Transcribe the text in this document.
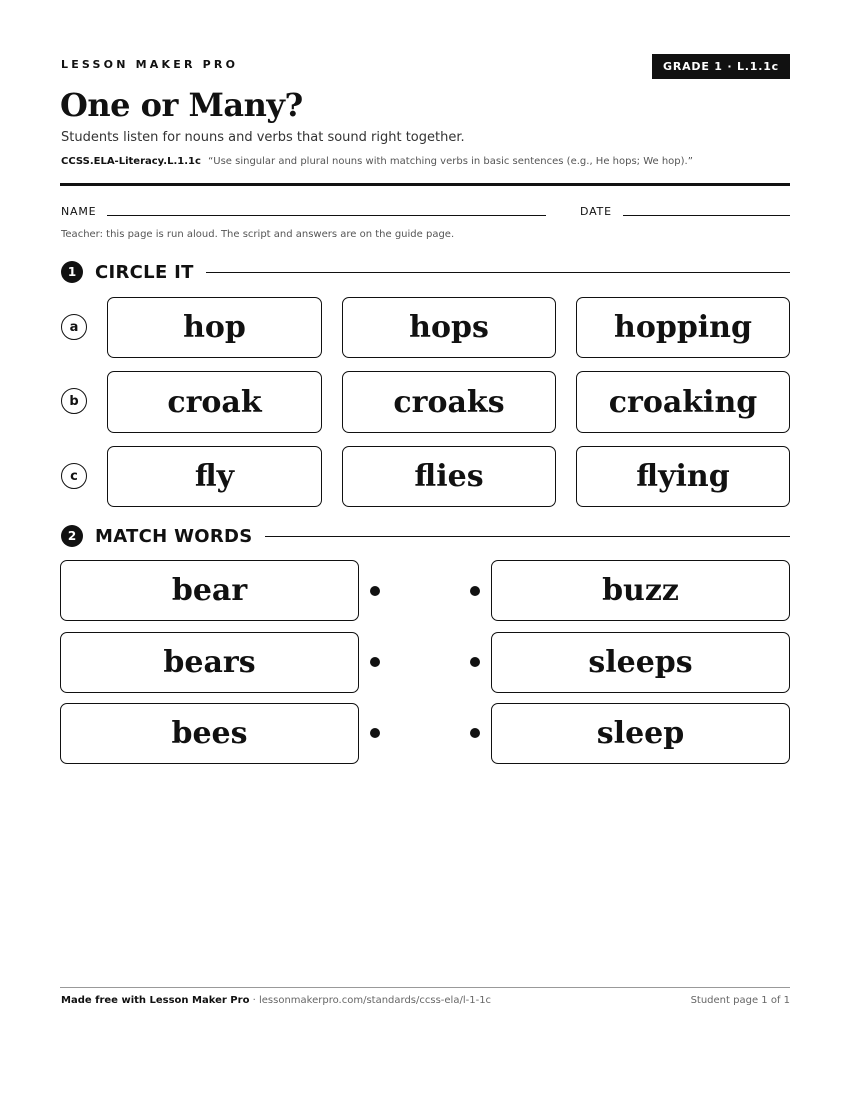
LESSON MAKER PRO	GRADE 1 · L.1.1c
One or Many?
Students listen for nouns and verbs that sound right together.
CCSS.ELA-Literacy.L.1.1c “Use singular and plural nouns with matching verbs in basic sentences (e.g., He hops; We hop).”
NAME	DATE
Teacher: this page is run aloud. The script and answers are on the guide page.
1	CIRCLE IT
a	hop	hops	hopping
b	croak	croaks	croaking
c	fly	flies	flying
2	MATCH WORDS
bear	buzz
bears	sleeps
bees	sleep
Made free with Lesson Maker Pro · lessonmakerpro.com/standards/ccss-ela/l-1-1c	Student page 1 of 1
